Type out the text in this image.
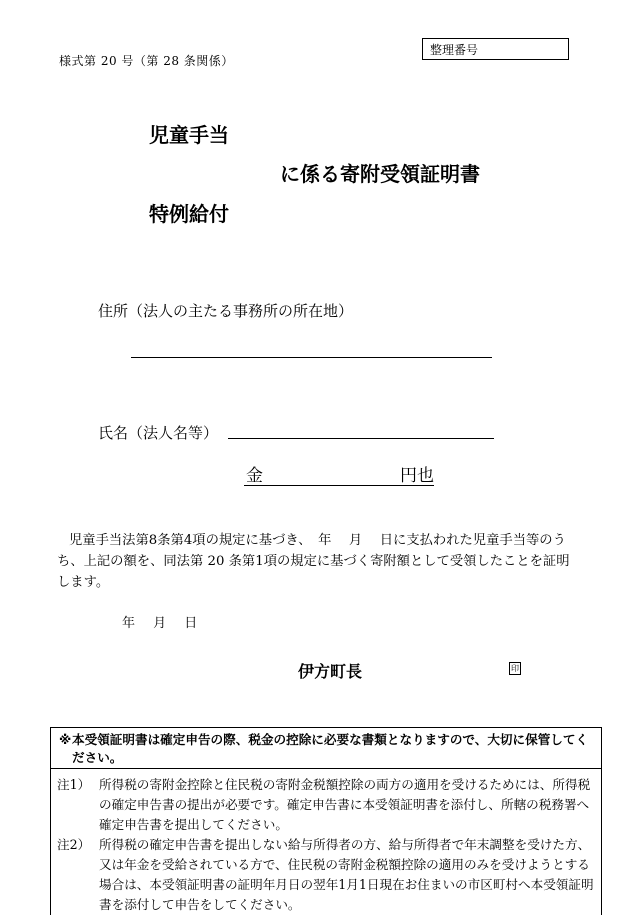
様式第 20 号（第 28 条関係）
整理番号
児童手当
に係る寄附受領証明書
特例給付
住所（法人の主たる事務所の所在地）
氏名（法人名等）
金	円也
児童手当法第8条第4項の規定に基づき、　年　 月　 日に支払われた児童手当等のうち、上記の額を、同法第 20 条第1項の規定に基づく寄附額として受領したことを証明します。
年 月 日
伊方町長	印
※ 本受領証明書は確定申告の際、税金の控除に必要な書類となりますので、大切に保管してください。
注1） 所得税の寄附金控除と住民税の寄附金税額控除の両方の適用を受けるためには、所得税の確定申告書の提出が必要です。確定申告書に本受領証明書を添付し、所轄の税務署へ確定申告書を提出してください。
注2） 所得税の確定申告書を提出しない給与所得者の方、給与所得者で年末調整を受けた方、又は年金を受給されている方で、住民税の寄附金税額控除の適用のみを受けようとする場合は、本受領証明書の証明年月日の翌年1月1日現在お住まいの市区町村へ本受領証明書を添付して申告をしてください。
